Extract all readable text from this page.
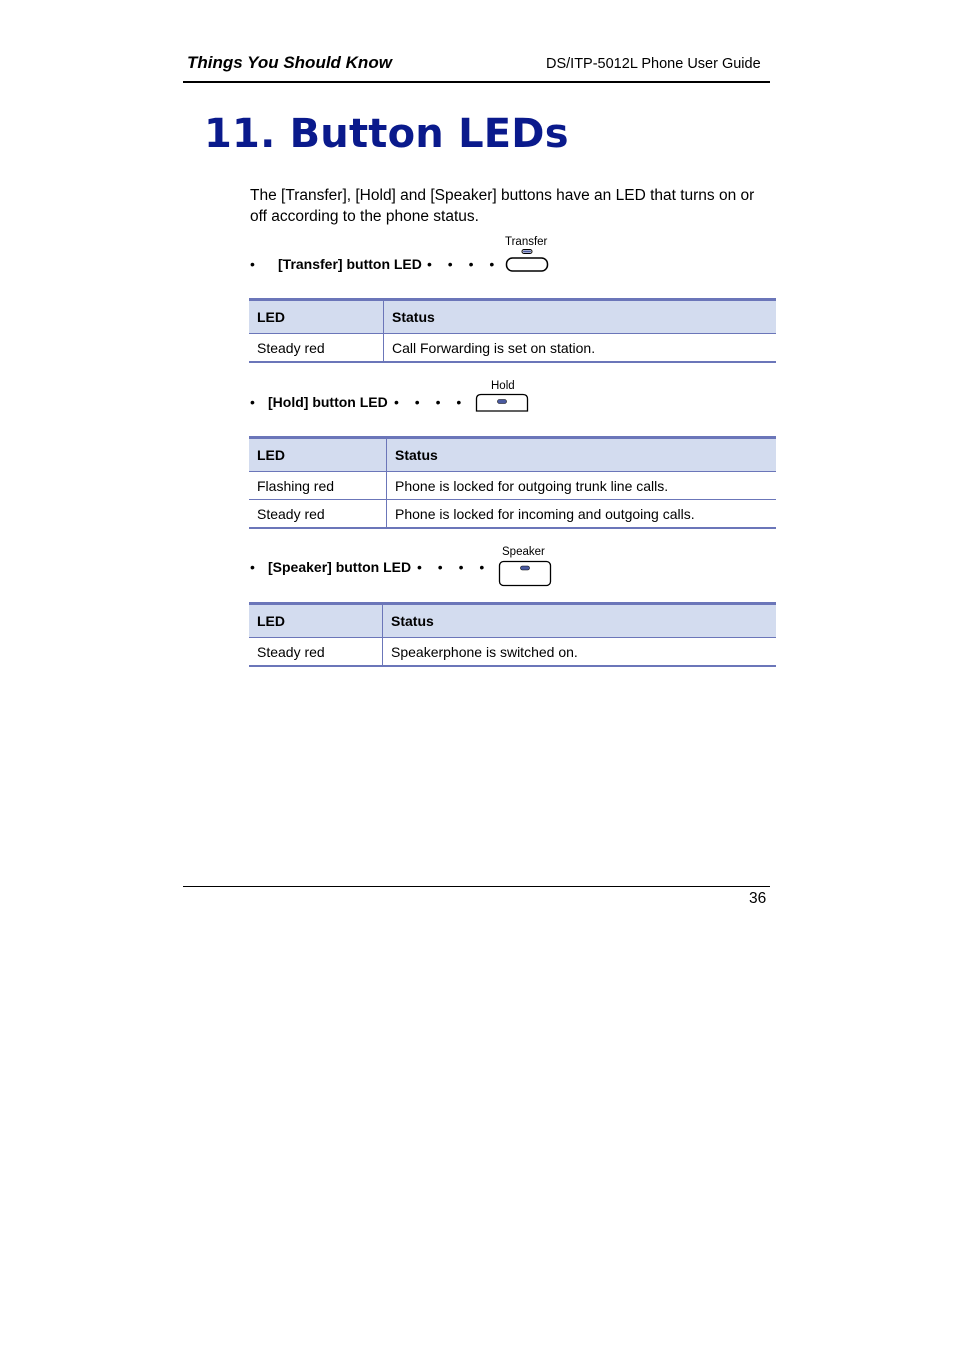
Things You Should Know	DS/ITP-5012L Phone User Guide
11. Button LEDs
The [Transfer], [Hold] and [Speaker] buttons have an LED that turns on or off according to the phone status.
• [Transfer] button LED • • • •
Transfer
LED	Status
Steady red	Call Forwarding is set on station.
• [Hold] button LED • • • •
Hold
LED	Status
Flashing red	Phone is locked for outgoing trunk line calls.
Steady red	Phone is locked for incoming and outgoing calls.
• [Speaker] button LED • • • •
Speaker
LED	Status
Steady red	Speakerphone is switched on.
36
